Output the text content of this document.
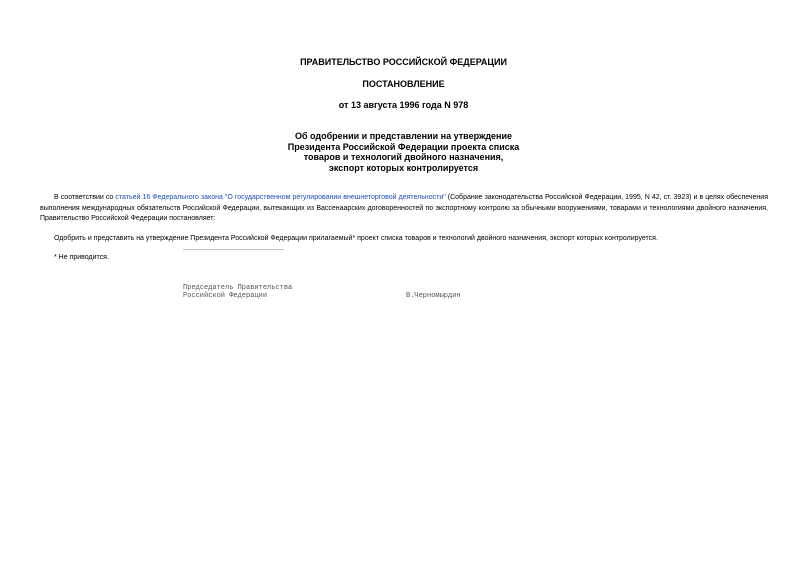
ПРАВИТЕЛЬСТВО РОССИЙСКОЙ ФЕДЕРАЦИИ
ПОСТАНОВЛЕНИЕ
от 13 августа 1996 года N 978
Об одобрении и представлении на утверждение
Президента Российской Федерации проекта списка
товаров и технологий двойного назначения,
экспорт которых контролируется
В соответствии со статьей 16 Федерального закона "О государственном регулировании внешнеторговой деятельности" (Собрание законодательства Российской Федерации, 1995, N 42, ст. 3923) и в целях обеспечения выполнения международных обязательств Российской Федерации, вытекающих из Вассенаарских договоренностей по экспортному контролю за обычными вооружениями, товарами и технологиями двойного назначения, Правительство Российской Федерации постановляет:
Одобрить и представить на утверждение Президента Российской Федерации прилагаемый* проект списка товаров и технологий двойного назначения, экспорт которых контролируется.
________________________
* Не приводится.
Председатель Правительства
Российской Федерации	В.Черномырдин
